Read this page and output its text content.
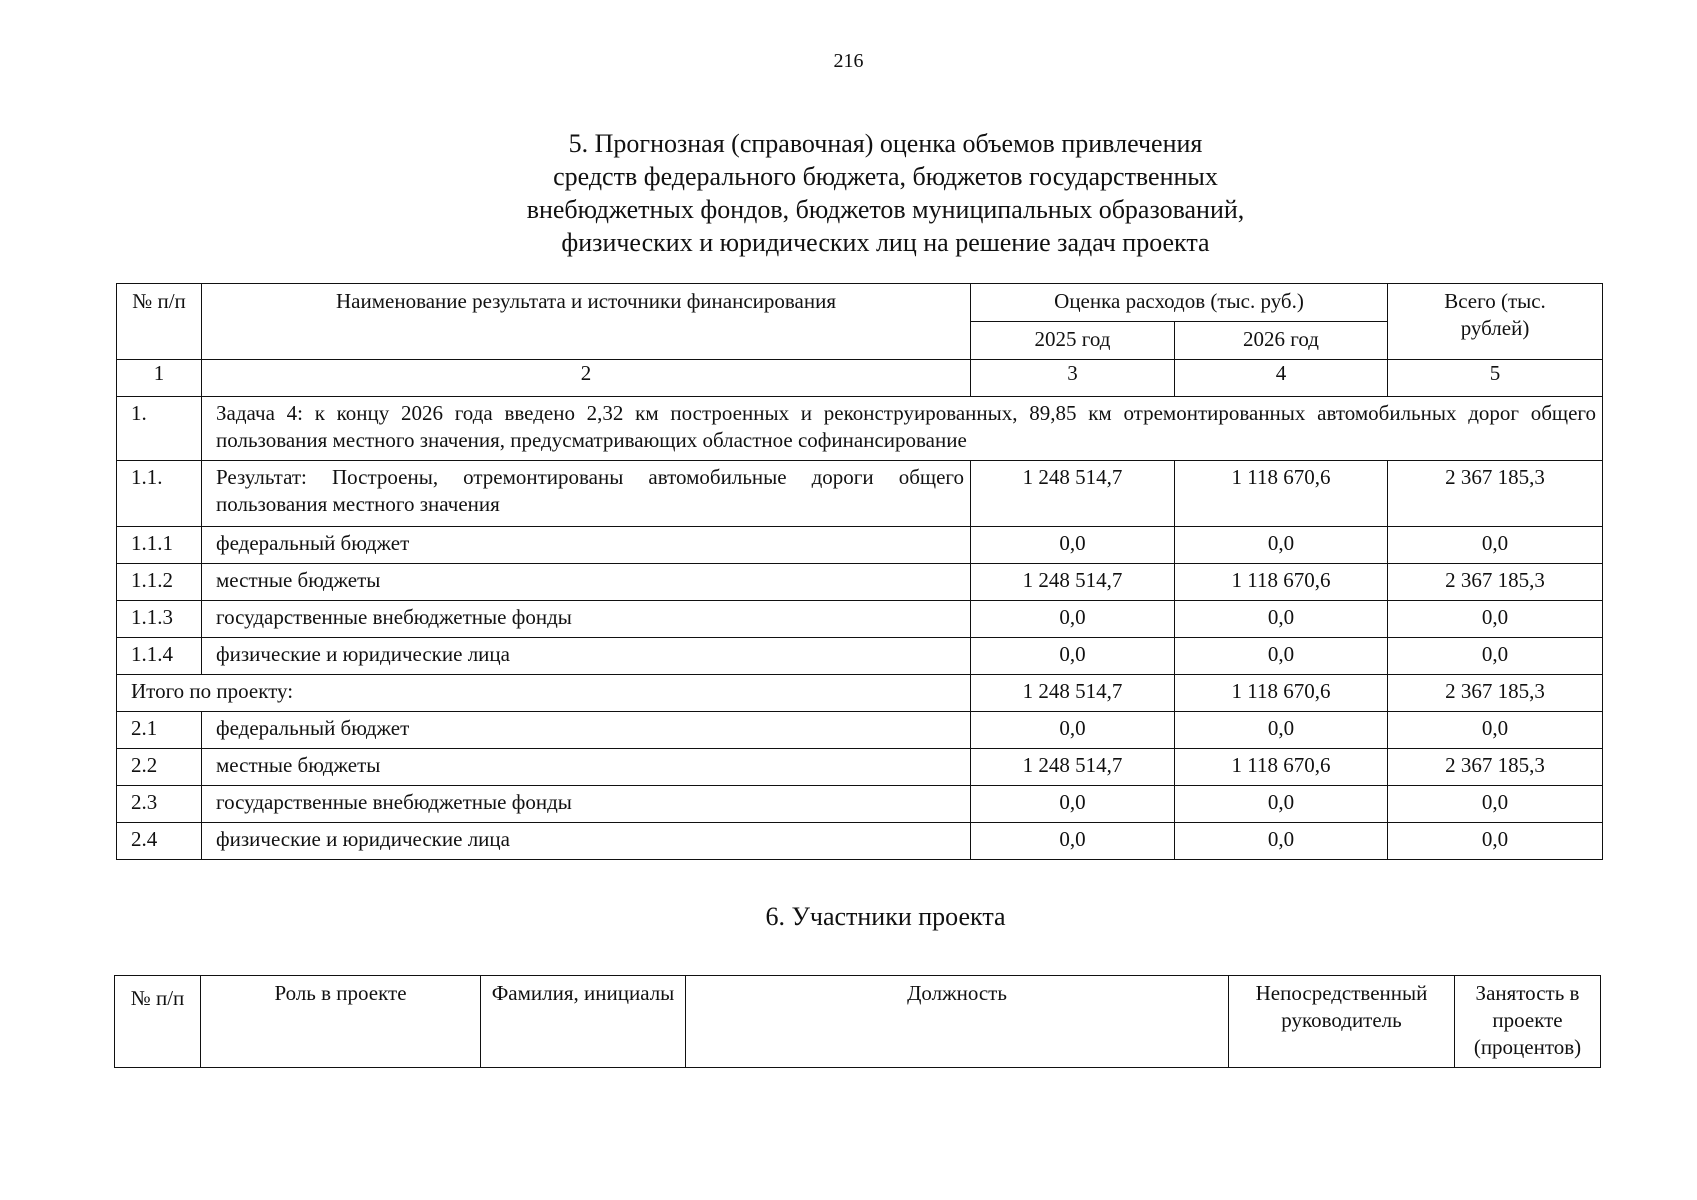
216
5. Прогнозная (справочная) оценка объемов привлечения
средств федерального бюджета, бюджетов государственных
внебюджетных фондов, бюджетов муниципальных образований,
физических и юридических лиц на решение задач проекта
№ п/п	Наименование результата и источники финансирования	Оценка расходов (тыс. руб.)		Всего (тыс. рублей)
		2025 год	2026 год	
1	2	3	4	5
1.	Задача 4: к концу 2026 года введено 2,32 км построенных и реконструированных, 89,85 км отремонтированных автомобильных дорог общего пользования местного значения, предусматривающих областное софинансирование			
1.1.	Результат: Построены, отремонтированы автомобильные дороги общего пользования местного значения	1 248 514,7	1 118 670,6	2 367 185,3
1.1.1	федеральный бюджет	0,0	0,0	0,0
1.1.2	местные бюджеты	1 248 514,7	1 118 670,6	2 367 185,3
1.1.3	государственные внебюджетные фонды	0,0	0,0	0,0
1.1.4	физические и юридические лица	0,0	0,0	0,0
Итого по проекту:		1 248 514,7	1 118 670,6	2 367 185,3
2.1	федеральный бюджет	0,0	0,0	0,0
2.2	местные бюджеты	1 248 514,7	1 118 670,6	2 367 185,3
2.3	государственные внебюджетные фонды	0,0	0,0	0,0
2.4	физические и юридические лица	0,0	0,0	0,0
6. Участники проекта
№ п/п	Роль в проекте	Фамилия, инициалы	Должность	Непосредственный руководитель	Занятость в проекте (процентов)
